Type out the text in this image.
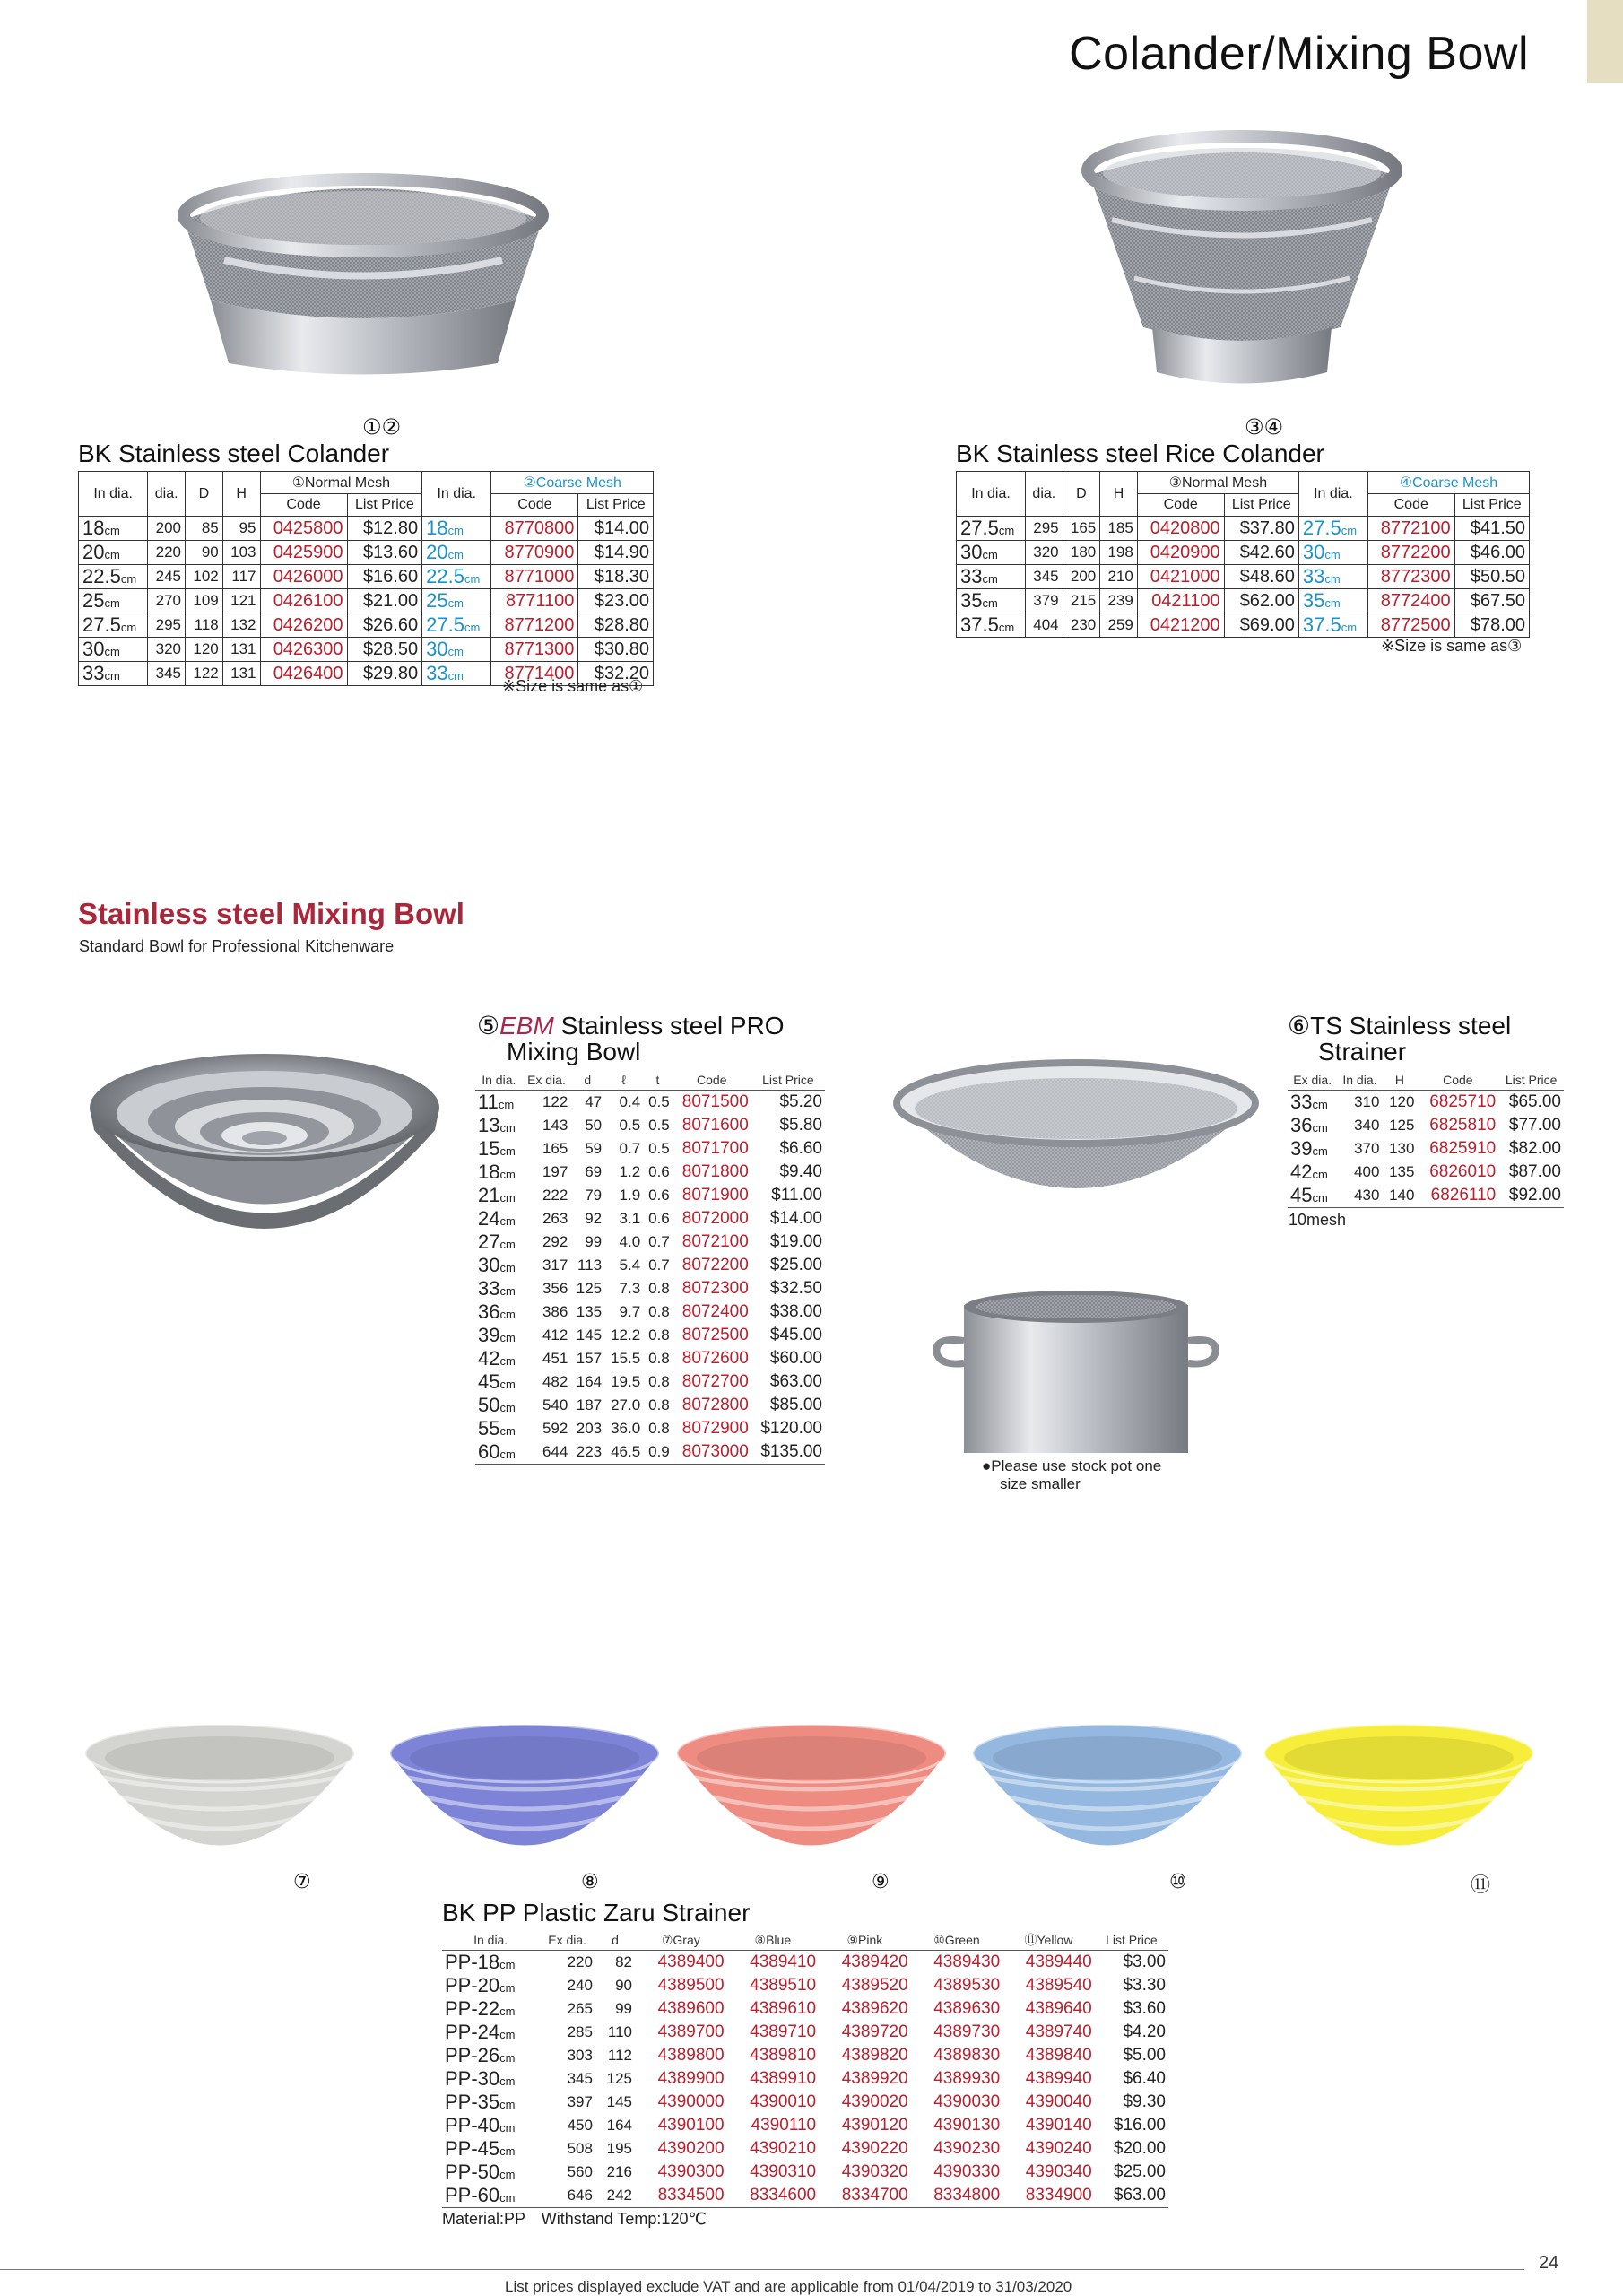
Colander/Mixing Bowl
①②
BK Stainless steel Colander
In dia.	dia.	D	H	①Normal Mesh		In dia.	②Coarse Mesh	
				Code	List Price		Code	List Price
18cm	200	85	95	0425800	$12.80	18cm	8770800	$14.00
20cm	220	90	103	0425900	$13.60	20cm	8770900	$14.90
22.5cm	245	102	117	0426000	$16.60	22.5cm	8771000	$18.30
25cm	270	109	121	0426100	$21.00	25cm	8771100	$23.00
27.5cm	295	118	132	0426200	$26.60	27.5cm	8771200	$28.80
30cm	320	120	131	0426300	$28.50	30cm	8771300	$30.80
33cm	345	122	131	0426400	$29.80	33cm	8771400	$32.20
※Size is same as①
③④
BK Stainless steel Rice Colander
In dia.	dia.	D	H	③Normal Mesh		In dia.	④Coarse Mesh	
				Code	List Price		Code	List Price
27.5cm	295	165	185	0420800	$37.80	27.5cm	8772100	$41.50
30cm	320	180	198	0420900	$42.60	30cm	8772200	$46.00
33cm	345	200	210	0421000	$48.60	33cm	8772300	$50.50
35cm	379	215	239	0421100	$62.00	35cm	8772400	$67.50
37.5cm	404	230	259	0421200	$69.00	37.5cm	8772500	$78.00
※Size is same as③
Stainless steel Mixing Bowl
Standard Bowl for Professional Kitchenware
⑤EBM Stainless steel PRO
Mixing Bowl
In dia.	Ex dia.	d	ℓ	t	Code	List Price
11cm	122	47	0.4	0.5	8071500	$5.20
13cm	143	50	0.5	0.5	8071600	$5.80
15cm	165	59	0.7	0.5	8071700	$6.60
18cm	197	69	1.2	0.6	8071800	$9.40
21cm	222	79	1.9	0.6	8071900	$11.00
24cm	263	92	3.1	0.6	8072000	$14.00
27cm	292	99	4.0	0.7	8072100	$19.00
30cm	317	113	5.4	0.7	8072200	$25.00
33cm	356	125	7.3	0.8	8072300	$32.50
36cm	386	135	9.7	0.8	8072400	$38.00
39cm	412	145	12.2	0.8	8072500	$45.00
42cm	451	157	15.5	0.8	8072600	$60.00
45cm	482	164	19.5	0.8	8072700	$63.00
50cm	540	187	27.0	0.8	8072800	$85.00
55cm	592	203	36.0	0.8	8072900	$120.00
60cm	644	223	46.5	0.9	8073000	$135.00
●Please use stock pot one
size smaller
⑥TS Stainless steel
Strainer
Ex dia.	In dia.	H	Code	List Price
33cm	310	120	6825710	$65.00
36cm	340	125	6825810	$77.00
39cm	370	130	6825910	$82.00
42cm	400	135	6826010	$87.00
45cm	430	140	6826110	$92.00
10mesh
⑦	⑧	⑨	⑩	⑪
BK PP Plastic Zaru Strainer
In dia.	Ex dia.	d	⑦Gray	⑧Blue	⑨Pink	⑩Green	⑪Yellow	List Price
PP-18cm	220	82	4389400	4389410	4389420	4389430	4389440	$3.00
PP-20cm	240	90	4389500	4389510	4389520	4389530	4389540	$3.30
PP-22cm	265	99	4389600	4389610	4389620	4389630	4389640	$3.60
PP-24cm	285	110	4389700	4389710	4389720	4389730	4389740	$4.20
PP-26cm	303	112	4389800	4389810	4389820	4389830	4389840	$5.00
PP-30cm	345	125	4389900	4389910	4389920	4389930	4389940	$6.40
PP-35cm	397	145	4390000	4390010	4390020	4390030	4390040	$9.30
PP-40cm	450	164	4390100	4390110	4390120	4390130	4390140	$16.00
PP-45cm	508	195	4390200	4390210	4390220	4390230	4390240	$20.00
PP-50cm	560	216	4390300	4390310	4390320	4390330	4390340	$25.00
PP-60cm	646	242	8334500	8334600	8334700	8334800	8334900	$63.00
Material:PP　Withstand Temp:120℃
24
List prices displayed exclude VAT and are applicable from 01/04/2019 to 31/03/2020
